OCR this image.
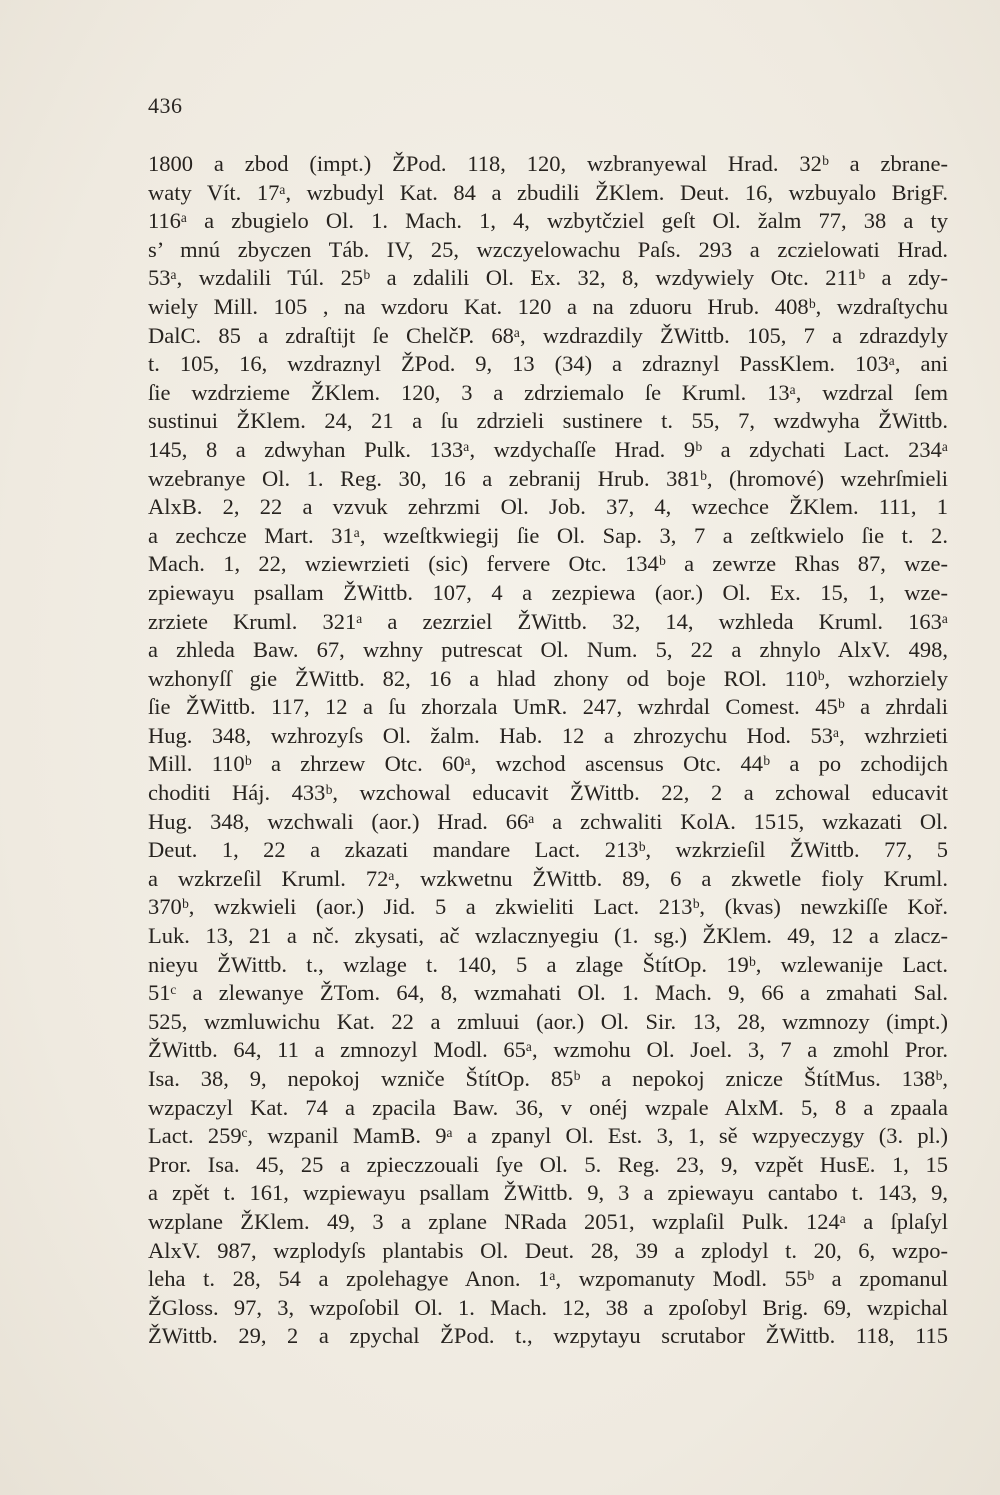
436
1800 a zbod (impt.) ŽPod. 118, 120, wzbranyewal Hrad. 32ᵇ a zbrane-
waty Vít. 17ᵃ, wzbudyl Kat. 84 a zbudili ŽKlem. Deut. 16, wzbuyalo BrigF.
116ᵃ a zbugielo Ol. 1. Mach. 1, 4, wzbytčziel geſt Ol. žalm 77, 38 a ty
s’ mnú zbyczen Táb. IV, 25, wzczyelowachu Paſs. 293 a zczielowati Hrad.
53ᵃ, wzdalili Túl. 25ᵇ a zdalili Ol. Ex. 32, 8, wzdywiely Otc. 211ᵇ a zdy-
wiely Mill. 105 , na wzdoru Kat. 120 a na zduoru Hrub. 408ᵇ, wzdraſtychu
DalC. 85 a zdraſtijt ſe ChelčP. 68ᵃ, wzdrazdily ŽWittb. 105, 7 a zdrazdyly
t. 105, 16, wzdraznyl ŽPod. 9, 13 (34) a zdraznyl PassKlem. 103ᵃ, ani
ſie wzdrzieme ŽKlem. 120, 3 a zdrziemalo ſe Kruml. 13ᵃ, wzdrzal ſem
sustinui ŽKlem. 24, 21 a ſu zdrzieli sustinere t. 55, 7, wzdwyha ŽWittb.
145, 8 a zdwyhan Pulk. 133ᵃ, wzdychaſſe Hrad. 9ᵇ a zdychati Lact. 234ᵃ
wzebranye Ol. 1. Reg. 30, 16 a zebranij Hrub. 381ᵇ, (hromové) wzehrſmieli
AlxB. 2, 22 a vzvuk zehrzmi Ol. Job. 37, 4, wzechce ŽKlem. 111, 1
a zechcze Mart. 31ᵃ, wzeſtkwiegij ſie Ol. Sap. 3, 7 a zeſtkwielo ſie t. 2.
Mach. 1, 22, wziewrzieti (sic) fervere Otc. 134ᵇ a zewrze Rhas 87, wze-
zpiewayu psallam ŽWittb. 107, 4 a zezpiewa (aor.) Ol. Ex. 15, 1, wze-
zrziete Kruml. 321ᵃ a zezrziel ŽWittb. 32, 14, wzhleda Kruml. 163ᵃ
a zhleda Baw. 67, wzhny putrescat Ol. Num. 5, 22 a zhnylo AlxV. 498,
wzhonyſſ gie ŽWittb. 82, 16 a hlad zhony od boje ROl. 110ᵇ, wzhorziely
ſie ŽWittb. 117, 12 a ſu zhorzala UmR. 247, wzhrdal Comest. 45ᵇ a zhrdali
Hug. 348, wzhrozyſs Ol. žalm. Hab. 12 a zhrozychu Hod. 53ᵃ, wzhrzieti
Mill. 110ᵇ a zhrzew Otc. 60ᵃ, wzchod ascensus Otc. 44ᵇ a po zchodijch
choditi Háj. 433ᵇ, wzchowal educavit ŽWittb. 22, 2 a zchowal educavit
Hug. 348, wzchwali (aor.) Hrad. 66ᵃ a zchwaliti KolA. 1515, wzkazati Ol.
Deut. 1, 22 a zkazati mandare Lact. 213ᵇ, wzkrzieſil ŽWittb. 77, 5
a wzkrzeſil Kruml. 72ᵃ, wzkwetnu ŽWittb. 89, 6 a zkwetle fioly Kruml.
370ᵇ, wzkwieli (aor.) Jid. 5 a zkwieliti Lact. 213ᵇ, (kvas) newzkiſſe Koř.
Luk. 13, 21 a nč. zkysati, ač wzlacznyegiu (1. sg.) ŽKlem. 49, 12 a zlacz-
nieyu ŽWittb. t., wzlage t. 140, 5 a zlage ŠtítOp. 19ᵇ, wzlewanije Lact.
51ᶜ a zlewanye ŽTom. 64, 8, wzmahati Ol. 1. Mach. 9, 66 a zmahati Sal.
525, wzmluwichu Kat. 22 a zmluui (aor.) Ol. Sir. 13, 28, wzmnozy (impt.)
ŽWittb. 64, 11 a zmnozyl Modl. 65ᵃ, wzmohu Ol. Joel. 3, 7 a zmohl Pror.
Isa. 38, 9, nepokoj wzniče ŠtítOp. 85ᵇ a nepokoj znicze ŠtítMus. 138ᵇ,
wzpaczyl Kat. 74 a zpacila Baw. 36, v onéj wzpale AlxM. 5, 8 a zpaala
Lact. 259ᶜ, wzpanil MamB. 9ᵃ a zpanyl Ol. Est. 3, 1, sě wzpyeczygy (3. pl.)
Pror. Isa. 45, 25 a zpieczzouali ſye Ol. 5. Reg. 23, 9, vzpět HusE. 1, 15
a zpět t. 161, wzpiewayu psallam ŽWittb. 9, 3 a zpiewayu cantabo t. 143, 9,
wzplane ŽKlem. 49, 3 a zplane NRada 2051, wzplaſil Pulk. 124ᵃ a ſplaſyl
AlxV. 987, wzplodyſs plantabis Ol. Deut. 28, 39 a zplodyl t. 20, 6, wzpo-
leha t. 28, 54 a zpolehagye Anon. 1ᵃ, wzpomanuty Modl. 55ᵇ a zpomanul
ŽGloss. 97, 3, wzpoſobil Ol. 1. Mach. 12, 38 a zpoſobyl Brig. 69, wzpichal
ŽWittb. 29, 2 a zpychal ŽPod. t., wzpytayu scrutabor ŽWittb. 118, 115
